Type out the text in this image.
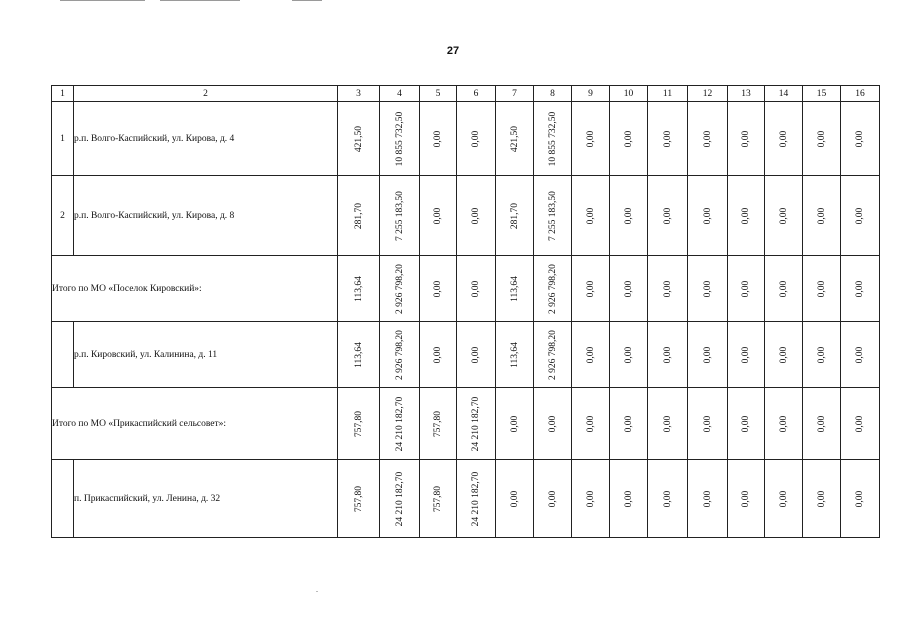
27
1	2	3	4	5	6	7	8	9	10	11	12	13	14	15	16
1	р.п. Волго-Каспийский, ул. Кирова, д. 4	421,50	10 855 732,50	0,00	0,00	421,50	10 855 732,50	0,00	0,00	0,00	0,00	0,00	0,00	0,00	0,00

2	р.п. Волго-Каспийский, ул. Кирова, д. 8	281,70	7 255 183,50	0,00	0,00	281,70	7 255 183,50	0,00	0,00	0,00	0,00	0,00	0,00	0,00	0,00

Итого по МО «Поселок Кировский»:		113,64	2 926 798,20	0,00	0,00	113,64	2 926 798,20	0,00	0,00	0,00	0,00	0,00	0,00	0,00	0,00

	р.п. Кировский, ул. Калинина, д. 11	113,64	2 926 798,20	0,00	0,00	113,64	2 926 798,20	0,00	0,00	0,00	0,00	0,00	0,00	0,00	0,00

Итого по МО «Прикаспийский сельсовет»:		757,80	24 210 182,70	757,80	24 210 182,70	0,00	0,00	0,00	0,00	0,00	0,00	0,00	0,00	0,00	0,00

	п. Прикаспийский, ул. Ленина, д. 32	757,80	24 210 182,70	757,80	24 210 182,70	0,00	0,00	0,00	0,00	0,00	0,00	0,00	0,00	0,00	0,00
